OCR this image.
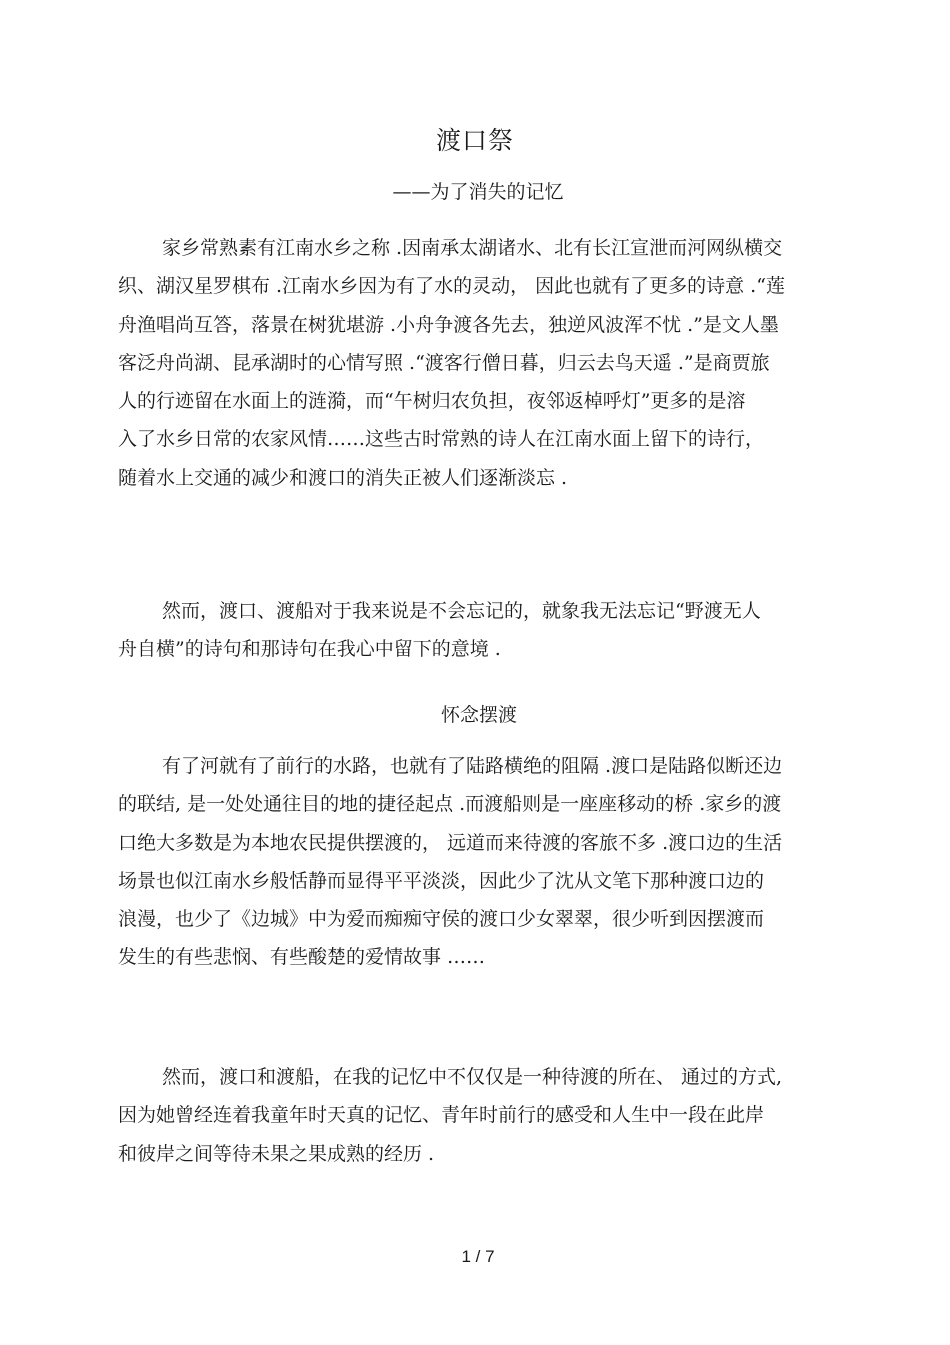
渡口祭
——为了消失的记忆
家乡常熟素有江南水乡之称 .因南承太湖诸水、北有长江宣泄而河网纵横交
织、湖汉星罗棋布 .江南水乡因为有了水的灵动， 因此也就有了更多的诗意 .“莲
舟渔唱尚互答，落景在树犹堪游 .小舟争渡各先去，独逆风波浑不忧 .”是文人墨
客泛舟尚湖、昆承湖时的心情写照 .“渡客行僧日暮，归云去鸟天遥 .”是商贾旅
人的行迹留在水面上的涟漪，而“午树归农负担，夜邻返棹呼灯”更多的是溶
入了水乡日常的农家风情……这些古时常熟的诗人在江南水面上留下的诗行，
随着水上交通的减少和渡口的消失正被人们逐渐淡忘 .
然而，渡口、渡船对于我来说是不会忘记的，就象我无法忘记“野渡无人
舟自横”的诗句和那诗句在我心中留下的意境 .
怀念摆渡
有了河就有了前行的水路，也就有了陆路横绝的阻隔 .渡口是陆路似断还边
的联结, 是一处处通往目的地的捷径起点 .而渡船则是一座座移动的桥 .家乡的渡
口绝大多数是为本地农民提供摆渡的， 远道而来待渡的客旅不多 .渡口边的生活
场景也似江南水乡般恬静而显得平平淡淡，因此少了沈从文笔下那种渡口边的
浪漫，也少了《边城》中为爱而痴痴守侯的渡口少女翠翠，很少听到因摆渡而
发生的有些悲悯、有些酸楚的爱情故事 ……
然而，渡口和渡船，在我的记忆中不仅仅是一种待渡的所在、 通过的方式,
因为她曾经连着我童年时天真的记忆、青年时前行的感受和人生中一段在此岸
和彼岸之间等待未果之果成熟的经历 .
1 / 7
